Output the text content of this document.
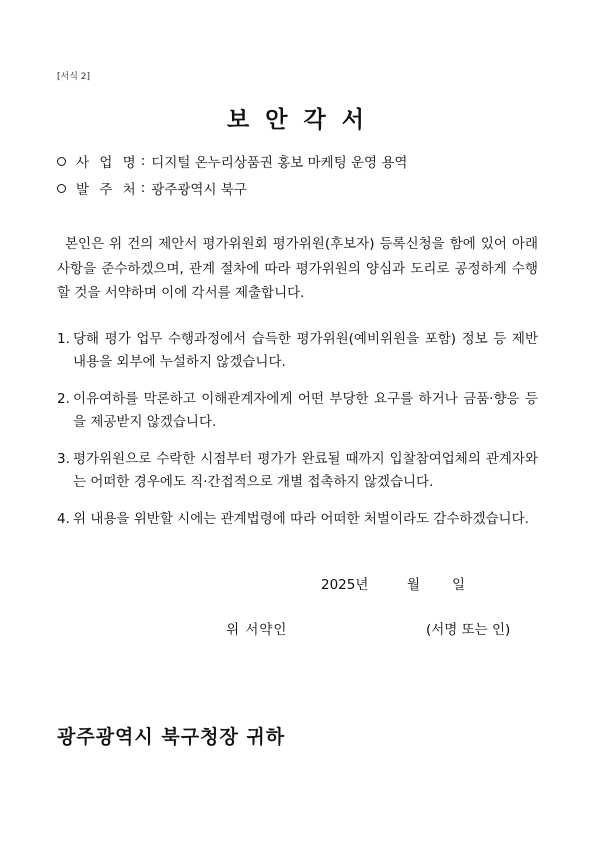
[서식 2]
보 안 각 서
사 업 명 : 디지털 온누리상품권 홍보 마케팅 운영 용역
발 주 처 : 광주광역시 북구

본인은 위 건의 제안서 평가위원회 평가위원(후보자) 등록신청을 함에 있어 아래사항을 준수하겠으며, 관계 절차에 따라 평가위원의 양심과 도리로 공정하게 수행할 것을 서약하며 이에 각서를 제출합니다.

1. 당해 평가 업무 수행과정에서 습득한 평가위원(예비위원을 포함) 정보 등 제반내용을 외부에 누설하지 않겠습니다.
2. 이유여하를 막론하고 이해관계자에게 어떤 부당한 요구를 하거나 금품·향응 등을 제공받지 않겠습니다.
3. 평가위원으로 수락한 시점부터 평가가 완료될 때까지 입찰참여업체의 관계자와는 어떠한 경우에도 직·간접적으로 개별 접촉하지 않겠습니다.
4. 위 내용을 위반할 시에는 관계법령에 따라 어떠한 처벌이라도 감수하겠습니다.
2025년	월 일
위 서약인	(서명 또는 인)
광주광역시 북구청장 귀하
